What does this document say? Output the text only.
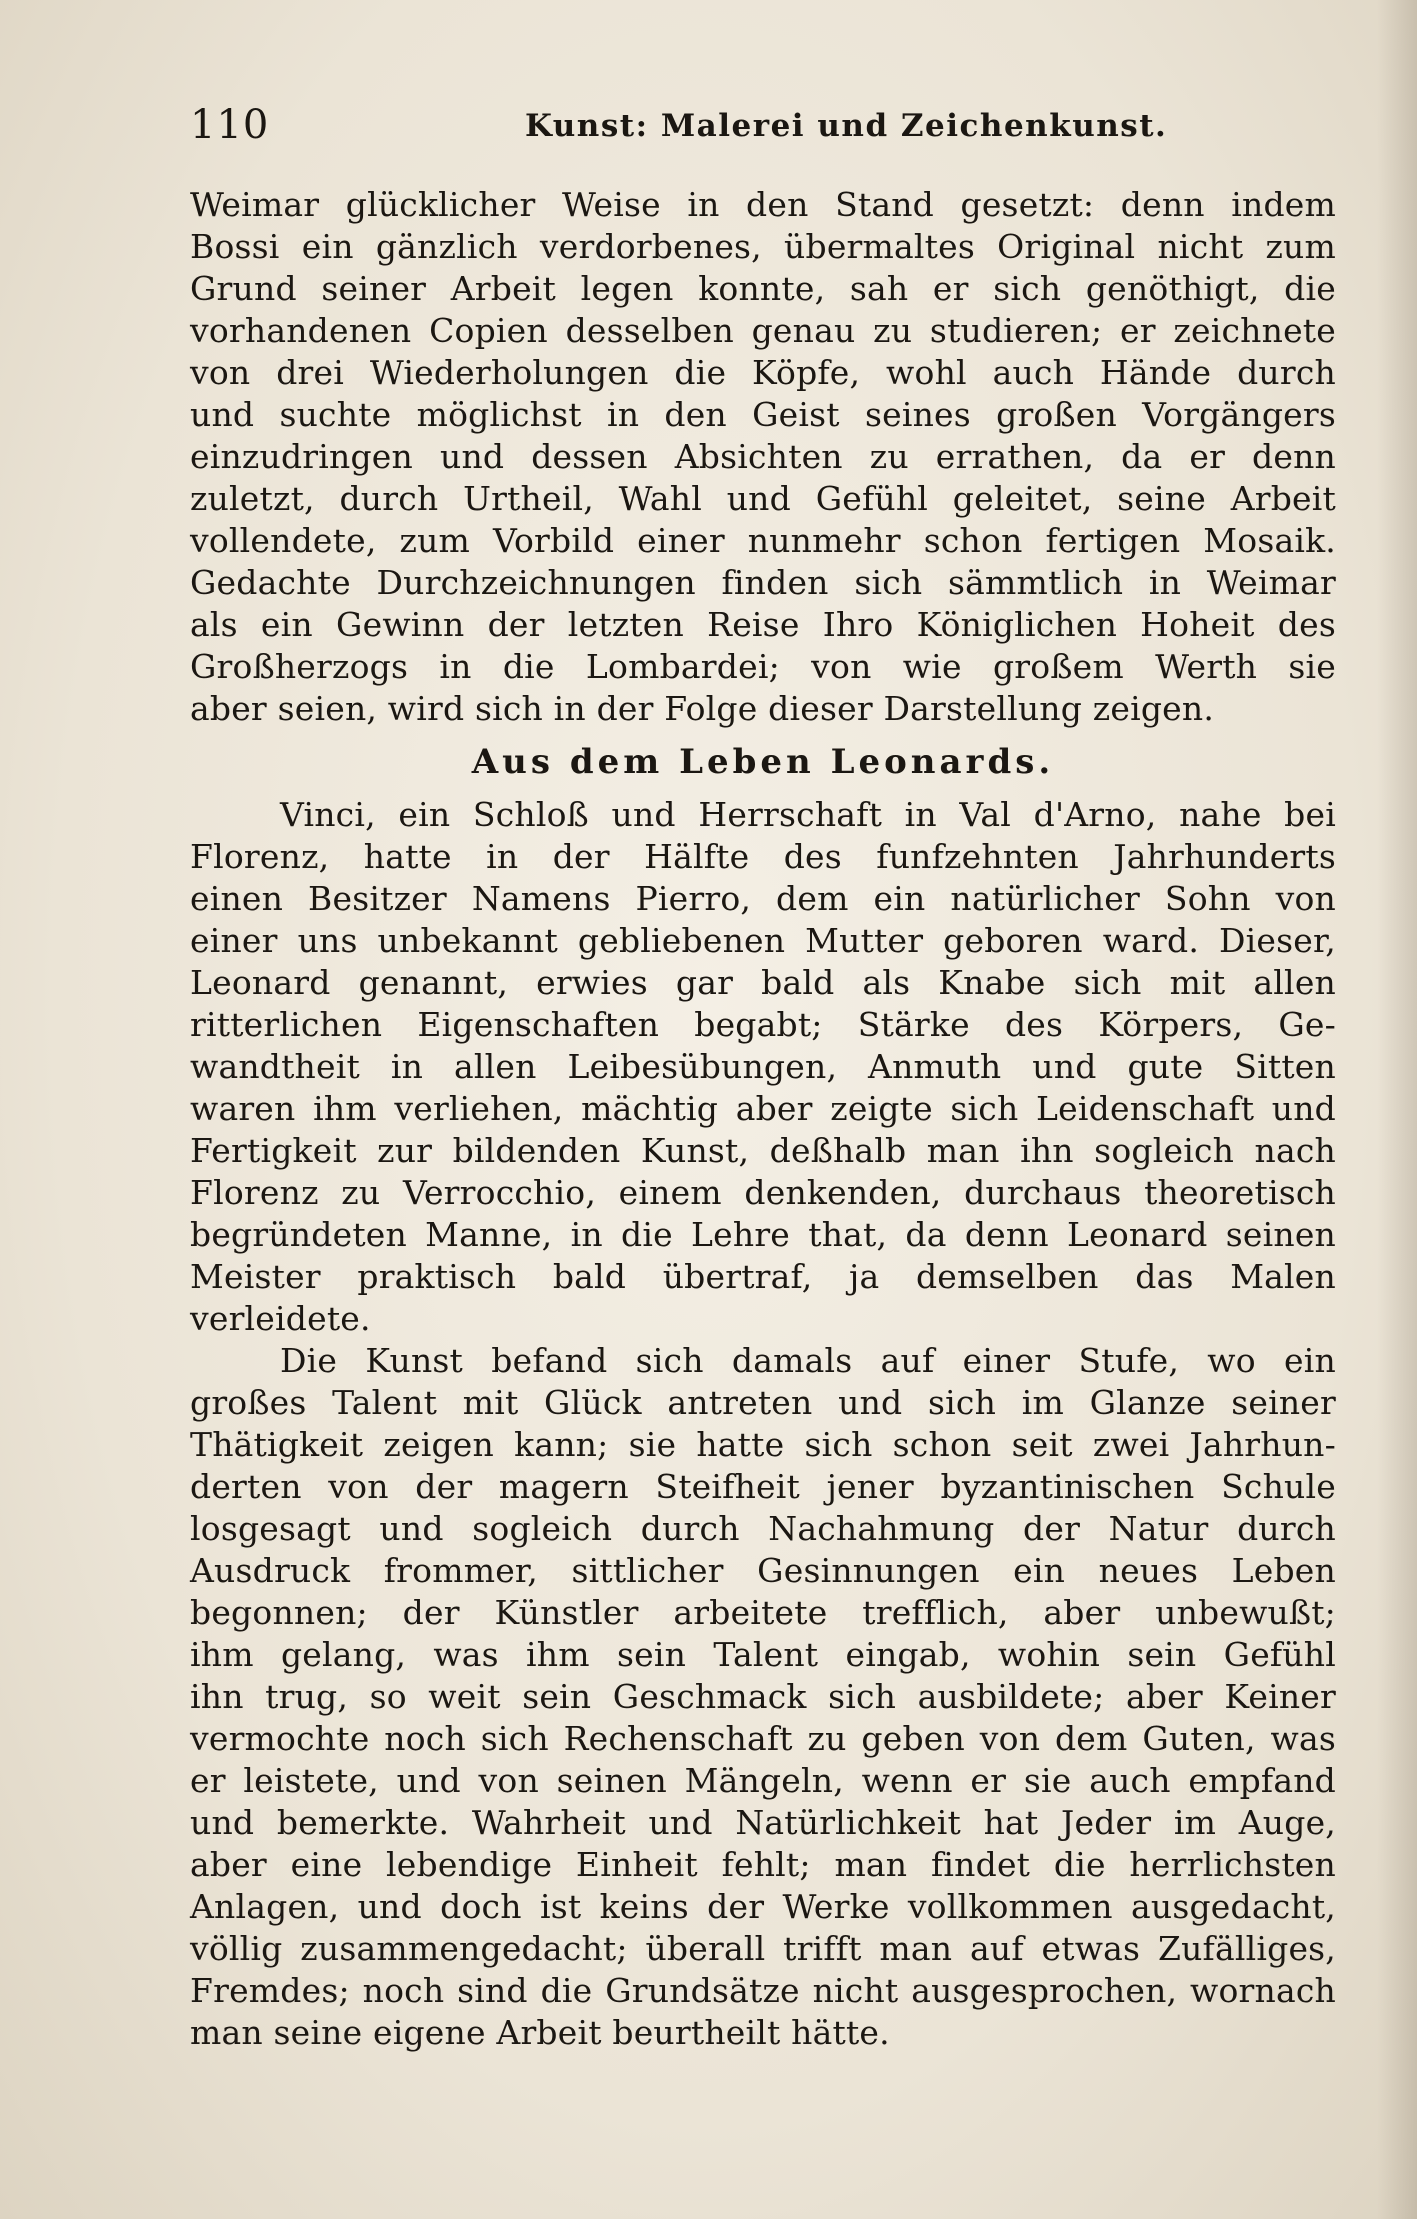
110	Kunst: Malerei und Zeichenkunst.
Weimar glücklicher Weise in den Stand gesetzt: denn indem
Bossi ein gänzlich verdorbenes, übermaltes Original nicht zum
Grund seiner Arbeit legen konnte, sah er sich genöthigt, die
vorhandenen Copien desselben genau zu studieren; er zeichnete
von drei Wiederholungen die Köpfe, wohl auch Hände durch
und suchte möglichst in den Geist seines großen Vorgängers
einzudringen und dessen Absichten zu errathen, da er denn
zuletzt, durch Urtheil, Wahl und Gefühl geleitet, seine Arbeit
vollendete, zum Vorbild einer nunmehr schon fertigen Mosaik.
Gedachte Durchzeichnungen finden sich sämmtlich in Weimar
als ein Gewinn der letzten Reise Ihro Königlichen Hoheit des
Großherzogs in die Lombardei; von wie großem Werth sie
aber seien, wird sich in der Folge dieser Darstellung zeigen.
Aus dem Leben Leonards.
Vinci, ein Schloß und Herrschaft in Val d'Arno, nahe bei
Florenz, hatte in der Hälfte des funfzehnten Jahrhunderts
einen Besitzer Namens Pierro, dem ein natürlicher Sohn von
einer uns unbekannt gebliebenen Mutter geboren ward. Dieser,
Leonard genannt, erwies gar bald als Knabe sich mit allen
ritterlichen Eigenschaften begabt; Stärke des Körpers, Ge-
wandtheit in allen Leibesübungen, Anmuth und gute Sitten
waren ihm verliehen, mächtig aber zeigte sich Leidenschaft und
Fertigkeit zur bildenden Kunst, deßhalb man ihn sogleich nach
Florenz zu Verrocchio, einem denkenden, durchaus theoretisch
begründeten Manne, in die Lehre that, da denn Leonard seinen
Meister praktisch bald übertraf, ja demselben das Malen
verleidete.
Die Kunst befand sich damals auf einer Stufe, wo ein
großes Talent mit Glück antreten und sich im Glanze seiner
Thätigkeit zeigen kann; sie hatte sich schon seit zwei Jahrhun-
derten von der magern Steifheit jener byzantinischen Schule
losgesagt und sogleich durch Nachahmung der Natur durch
Ausdruck frommer, sittlicher Gesinnungen ein neues Leben
begonnen; der Künstler arbeitete trefflich, aber unbewußt;
ihm gelang, was ihm sein Talent eingab, wohin sein Gefühl
ihn trug, so weit sein Geschmack sich ausbildete; aber Keiner
vermochte noch sich Rechenschaft zu geben von dem Guten, was
er leistete, und von seinen Mängeln, wenn er sie auch empfand
und bemerkte. Wahrheit und Natürlichkeit hat Jeder im Auge,
aber eine lebendige Einheit fehlt; man findet die herrlichsten
Anlagen, und doch ist keins der Werke vollkommen ausgedacht,
völlig zusammengedacht; überall trifft man auf etwas Zufälliges,
Fremdes; noch sind die Grundsätze nicht ausgesprochen, wornach
man seine eigene Arbeit beurtheilt hätte.
